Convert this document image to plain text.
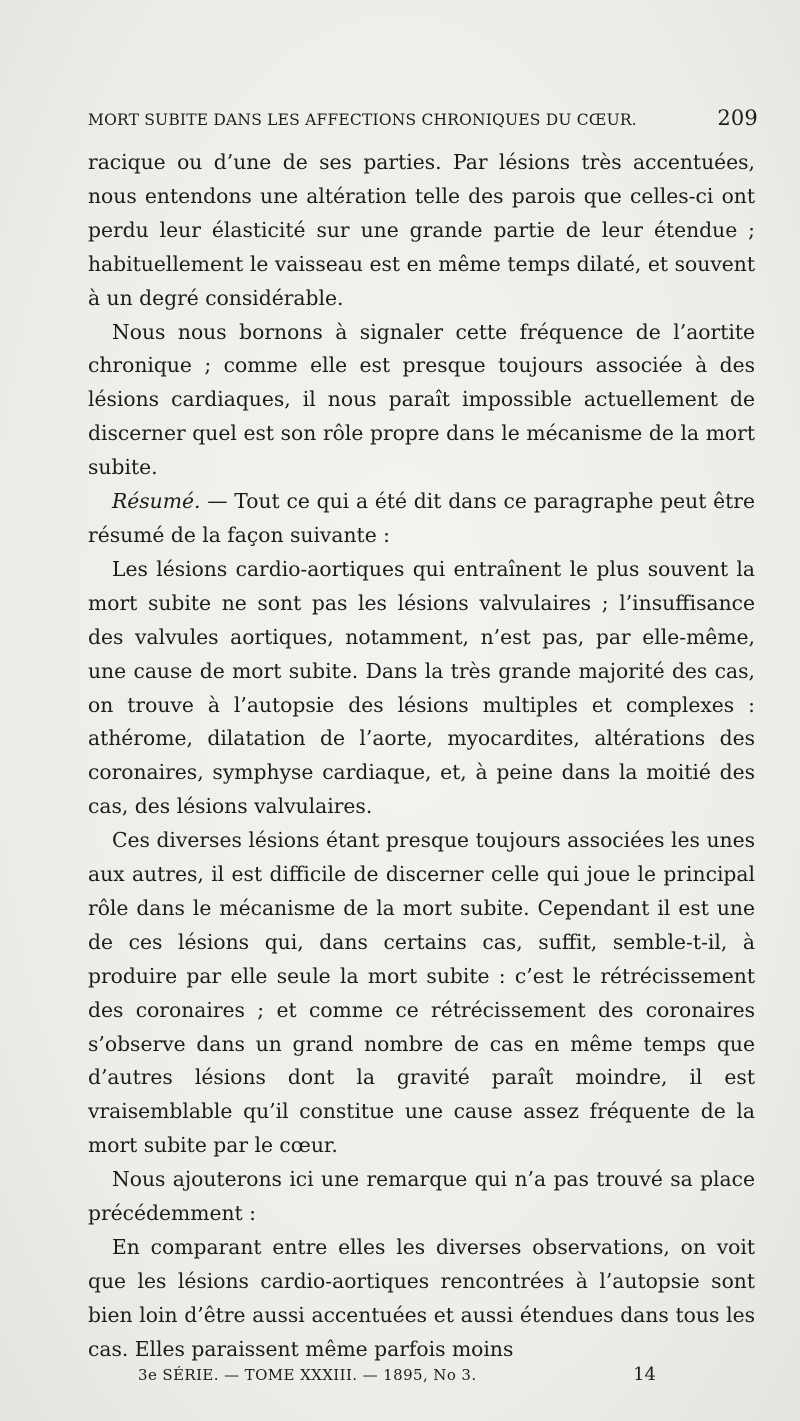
MORT SUBITE DANS LES AFFECTIONS CHRONIQUES DU CŒUR.	209

racique ou d’une de ses parties. Par lésions très accentuées, nous entendons une altération telle des parois que celles-ci ont perdu leur élasticité sur une grande partie de leur étendue ; habituellement le vaisseau est en même temps dilaté, et souvent à un degré considérable.

Nous nous bornons à signaler cette fréquence de l’aortite chronique ; comme elle est presque toujours associée à des lésions cardiaques, il nous paraît impossible actuellement de discerner quel est son rôle propre dans le mécanisme de la mort subite.

Résumé. — Tout ce qui a été dit dans ce paragraphe peut être résumé de la façon suivante :

Les lésions cardio-aortiques qui entraînent le plus souvent la mort subite ne sont pas les lésions valvulaires ; l’insuffisance des valvules aortiques, notamment, n’est pas, par elle-même, une cause de mort subite. Dans la très grande majorité des cas, on trouve à l’autopsie des lésions multiples et complexes : athérome, dilatation de l’aorte, myocardites, altérations des coronaires, symphyse cardiaque, et, à peine dans la moitié des cas, des lésions valvulaires.

Ces diverses lésions étant presque toujours associées les unes aux autres, il est difficile de discerner celle qui joue le principal rôle dans le mécanisme de la mort subite. Cependant il est une de ces lésions qui, dans certains cas, suffit, semble-t-il, à produire par elle seule la mort subite : c’est le rétrécissement des coronaires ; et comme ce rétrécissement des coronaires s’observe dans un grand nombre de cas en même temps que d’autres lésions dont la gravité paraît moindre, il est vraisemblable qu’il constitue une cause assez fréquente de la mort subite par le cœur.

Nous ajouterons ici une remarque qui n’a pas trouvé sa place précédemment :

En comparant entre elles les diverses observations, on voit que les lésions cardio-aortiques rencontrées à l’autopsie sont bien loin d’être aussi accentuées et aussi étendues dans tous les cas. Elles paraissent même parfois moins

3e SÉRIE. — TOME XXXIII. — 1895, No 3.	14
